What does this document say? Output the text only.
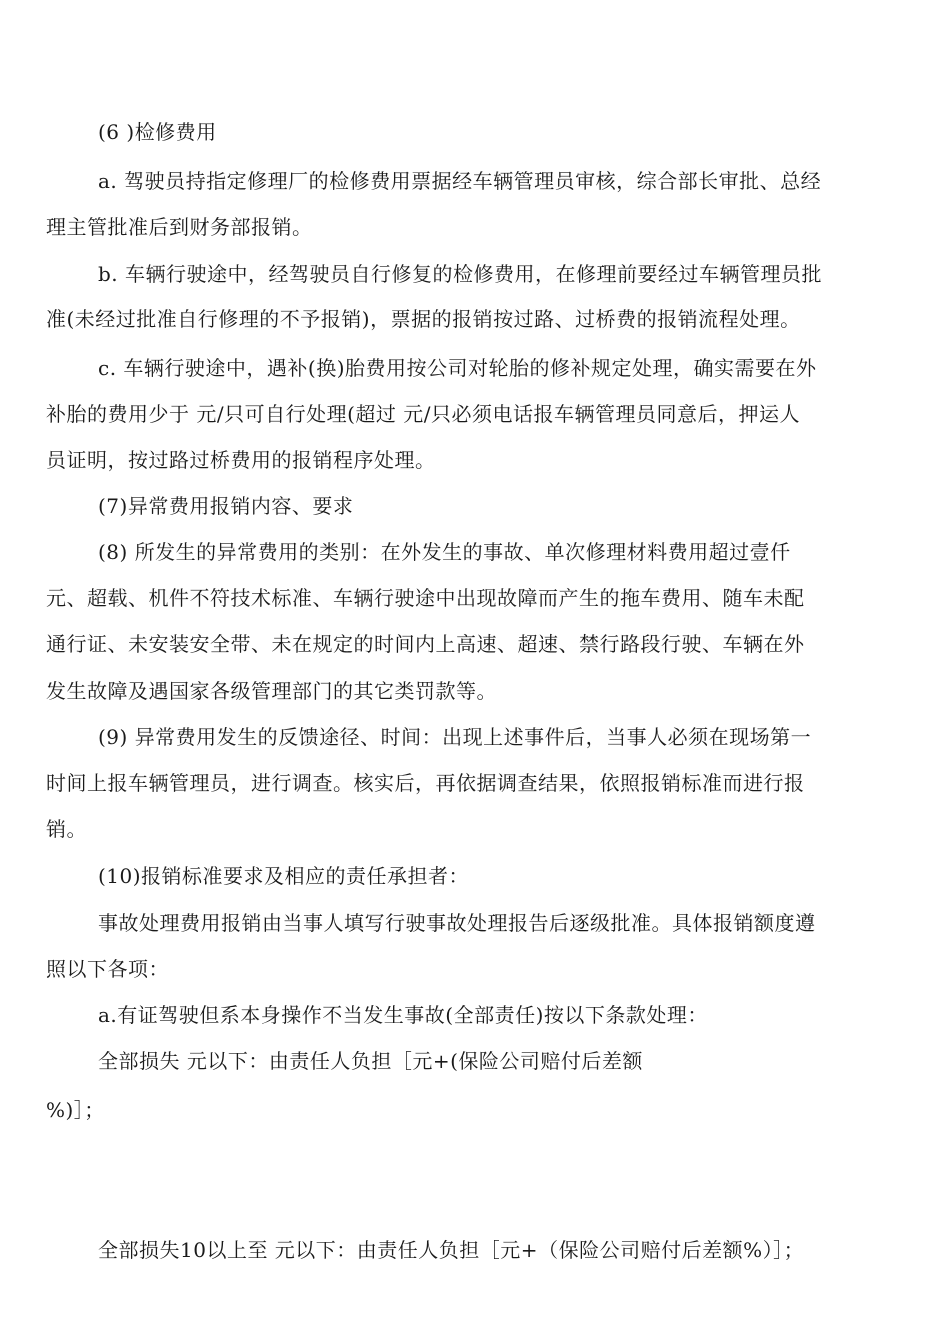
(6 )检修费用
a. 驾驶员持指定修理厂的检修费用票据经车辆管理员审核，综合部长审批、总经
理主管批准后到财务部报销。
b. 车辆行驶途中，经驾驶员自行修复的检修费用，在修理前要经过车辆管理员批
准(未经过批准自行修理的不予报销)，票据的报销按过路、过桥费的报销流程处理。
c. 车辆行驶途中，遇补(换)胎费用按公司对轮胎的修补规定处理，确实需要在外
补胎的费用少于 元/只可自行处理(超过 元/只必须电话报车辆管理员同意后，押运人
员证明，按过路过桥费用的报销程序处理。
(7)异常费用报销内容、要求
(8) 所发生的异常费用的类别：在外发生的事故、单次修理材料费用超过壹仟
元、超载、机件不符技术标准、车辆行驶途中出现故障而产生的拖车费用、随车未配
通行证、未安装安全带、未在规定的时间内上高速、超速、禁行路段行驶、车辆在外
发生故障及遇国家各级管理部门的其它类罚款等。
(9) 异常费用发生的反馈途径、时间：出现上述事件后，当事人必须在现场第一
时间上报车辆管理员，进行调查。核实后，再依据调查结果，依照报销标准而进行报
销。
(10)报销标准要求及相应的责任承担者：
事故处理费用报销由当事人填写行驶事故处理报告后逐级批准。具体报销额度遵
照以下各项：
a.有证驾驶但系本身操作不当发生事故(全部责任)按以下条款处理：
全部损失 元以下：由责任人负担［元+(保险公司赔付后差额
%)］；
全部损失10以上至 元以下：由责任人负担［元+（保险公司赔付后差额%）］；
